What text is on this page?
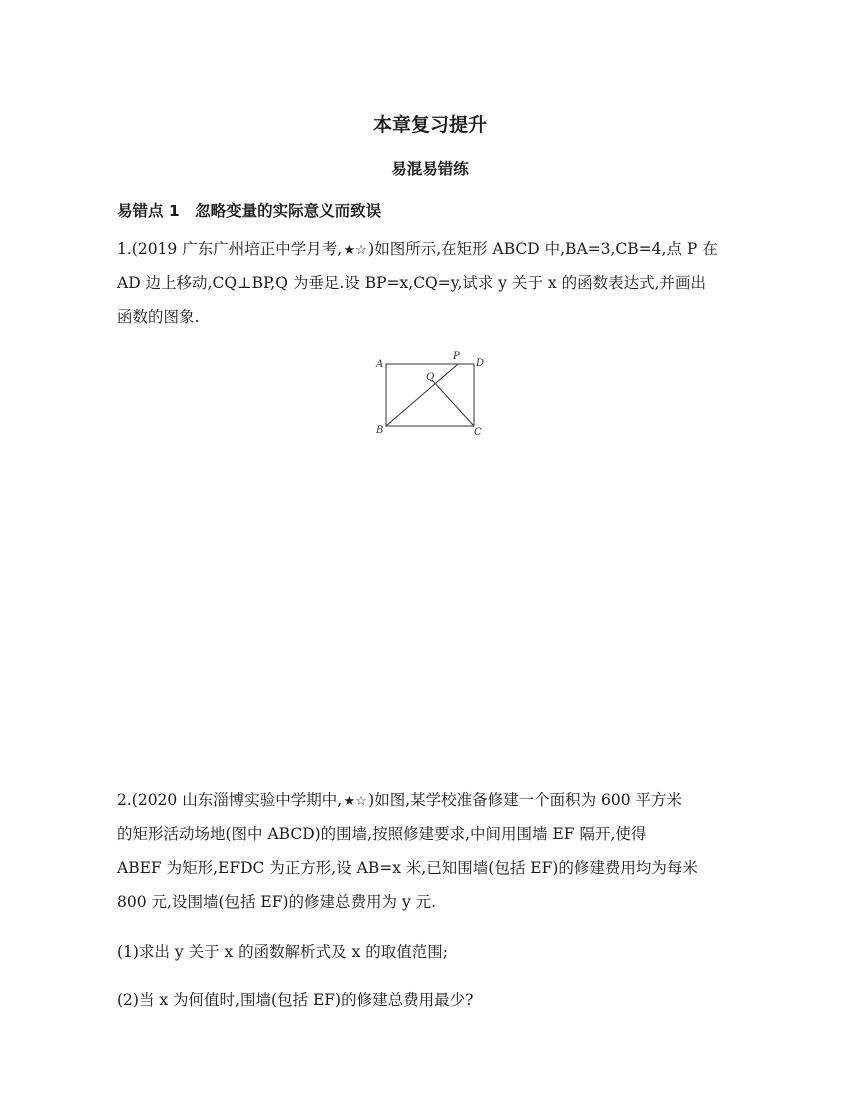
本章复习提升
易混易错练
易错点 1　忽略变量的实际意义而致误
1.(2019 广东广州培正中学月考,★☆)如图所示,在矩形 ABCD 中,BA=3,CB=4,点 P 在
AD 边上移动,CQ⊥BP,Q 为垂足.设 BP=x,CQ=y,试求 y 关于 x 的函数表达式,并画出
函数的图象.
A	D
P
Q
B	C
2.(2020 山东淄博实验中学期中,★☆)如图,某学校准备修建一个面积为 600 平方米
的矩形活动场地(图中 ABCD)的围墙,按照修建要求,中间用围墙 EF 隔开,使得
ABEF 为矩形,EFDC 为正方形,设 AB=x 米,已知围墙(包括 EF)的修建费用均为每米
800 元,设围墙(包括 EF)的修建总费用为 y 元.
(1)求出 y 关于 x 的函数解析式及 x 的取值范围;
(2)当 x 为何值时,围墙(包括 EF)的修建总费用最少?
